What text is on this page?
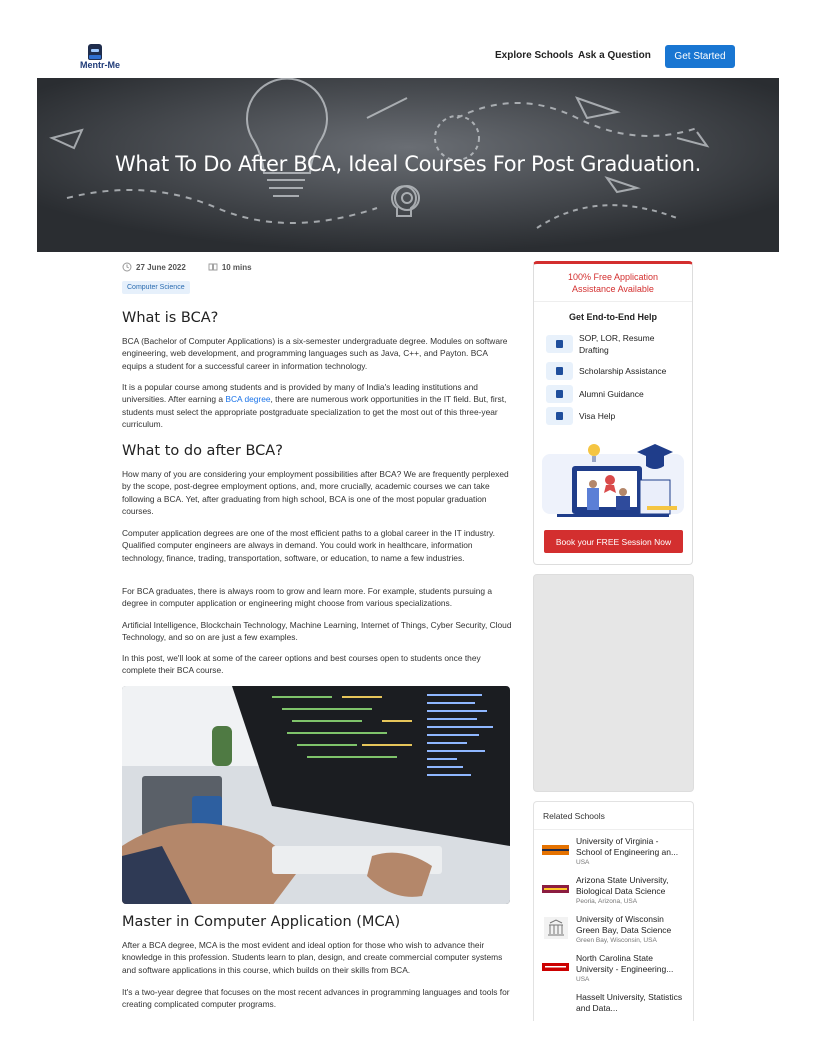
Mentr-Me
Explore Schools Ask a Question	Get Started
What To Do After BCA, Ideal Courses For Post Graduation.
27 June 2022	10 mins
Computer Science
What is BCA?
BCA (Bachelor of Computer Applications) is a six-semester undergraduate degree. Modules on software engineering, web development, and programming languages such as Java, C++, and Payton. BCA equips a student for a successful career in information technology.
It is a popular course among students and is provided by many of India's leading institutions and universities. After earning a BCA degree, there are numerous work opportunities in the IT field. But, first, students must select the appropriate postgraduate specialization to get the most out of this three-year curriculum.
What to do after BCA?
How many of you are considering your employment possibilities after BCA? We are frequently perplexed by the scope, post-degree employment options, and, more crucially, academic courses we can take following a BCA. Yet, after graduating from high school, BCA is one of the most popular graduation courses.
Computer application degrees are one of the most efficient paths to a global career in the IT industry. Qualified computer engineers are always in demand. You could work in healthcare, information technology, finance, trading, transportation, software, or education, to name a few industries.
For BCA graduates, there is always room to grow and learn more. For example, students pursuing a degree in computer application or engineering might choose from various specializations.
Artificial Intelligence, Blockchain Technology, Machine Learning, Internet of Things, Cyber Security, Cloud Technology, and so on are just a few examples.
In this post, we'll look at some of the career options and best courses open to students once they complete their BCA course.
Master in Computer Application (MCA)
After a BCA degree, MCA is the most evident and ideal option for those who wish to advance their knowledge in this profession. Students learn to plan, design, and create commercial computer systems and software applications in this course, which builds on their skills from BCA.
It's a two-year degree that focuses on the most recent advances in programming languages and tools for creating complicated computer programs.
100% Free Application
Assistance Available
Get End-to-End Help
SOP, LOR, Resume Drafting
Scholarship Assistance
Alumni Guidance
Visa Help
Book your FREE Session Now
Related Schools
University of Virginia - School of Engineering an...
USA
Arizona State University, Biological Data Science
Peoria, Arizona, USA
University of Wisconsin Green Bay, Data Science
Green Bay, Wisconsin, USA
North Carolina State University - Engineering...
USA
Hasselt University, Statistics and Data...
